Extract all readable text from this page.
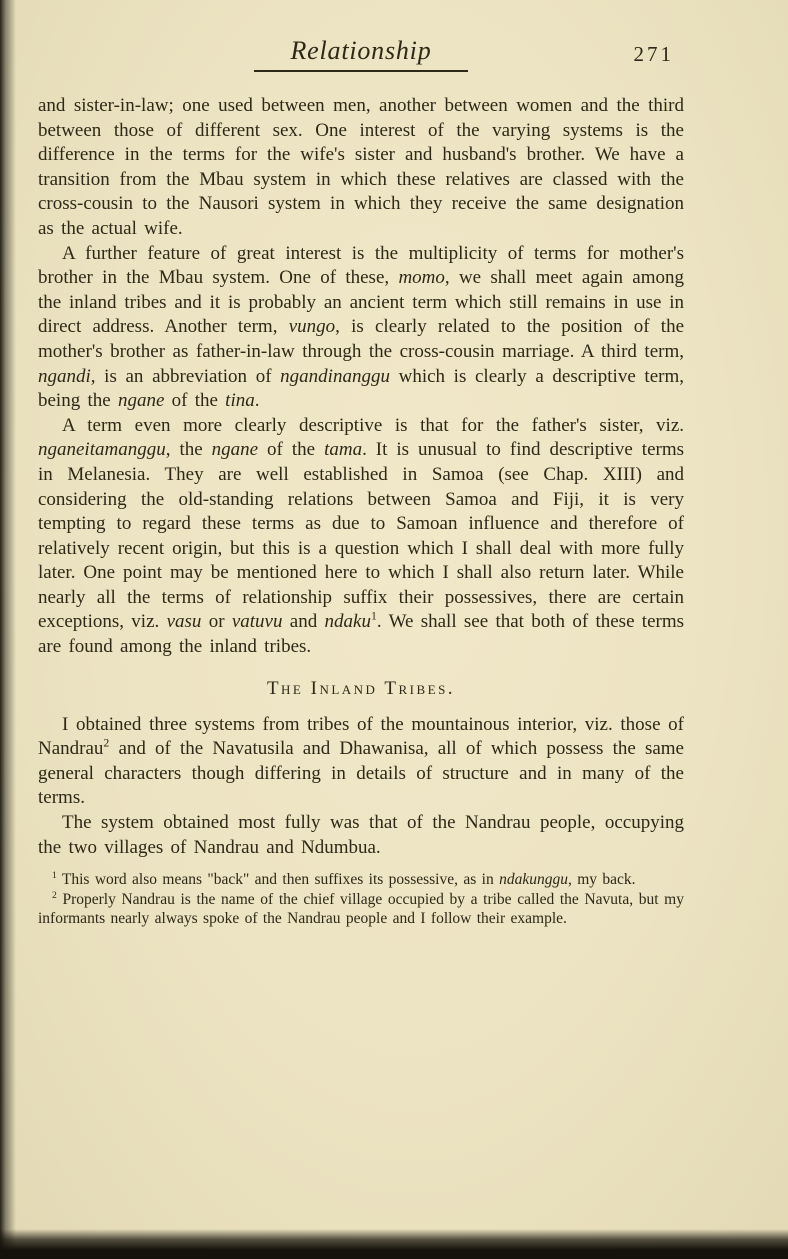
Relationship	271

and sister-in-law; one used between men, another between women and the third between those of different sex. One interest of the varying systems is the difference in the terms for the wife's sister and husband's brother. We have a transition from the Mbau system in which these relatives are classed with the cross-cousin to the Nausori system in which they receive the same designation as the actual wife.

A further feature of great interest is the multiplicity of terms for mother's brother in the Mbau system. One of these, momo, we shall meet again among the inland tribes and it is probably an ancient term which still remains in use in direct address. Another term, vungo, is clearly related to the position of the mother's brother as father-in-law through the cross-cousin marriage. A third term, ngandi, is an abbreviation of ngandinanggu which is clearly a descriptive term, being the ngane of the tina.

A term even more clearly descriptive is that for the father's sister, viz. nganeitamanggu, the ngane of the tama. It is unusual to find descriptive terms in Melanesia. They are well established in Samoa (see Chap. XIII) and considering the old-standing relations between Samoa and Fiji, it is very tempting to regard these terms as due to Samoan influence and therefore of relatively recent origin, but this is a question which I shall deal with more fully later. One point may be mentioned here to which I shall also return later. While nearly all the terms of relationship suffix their possessives, there are certain exceptions, viz. vasu or vatuvu and ndaku$^1$. We shall see that both of these terms are found among the inland tribes.

The Inland Tribes.

I obtained three systems from tribes of the mountainous interior, viz. those of Nandrau$^2$ and of the Navatusila and Dhawanisa, all of which possess the same general characters though differing in details of structure and in many of the terms.

The system obtained most fully was that of the Nandrau people, occupying the two villages of Nandrau and Ndumbua.

$^1$ This word also means "back" and then suffixes its possessive, as in ndakunggu, my back.

$^2$ Properly Nandrau is the name of the chief village occupied by a tribe called the Navuta, but my informants nearly always spoke of the Nandrau people and I follow their example.
